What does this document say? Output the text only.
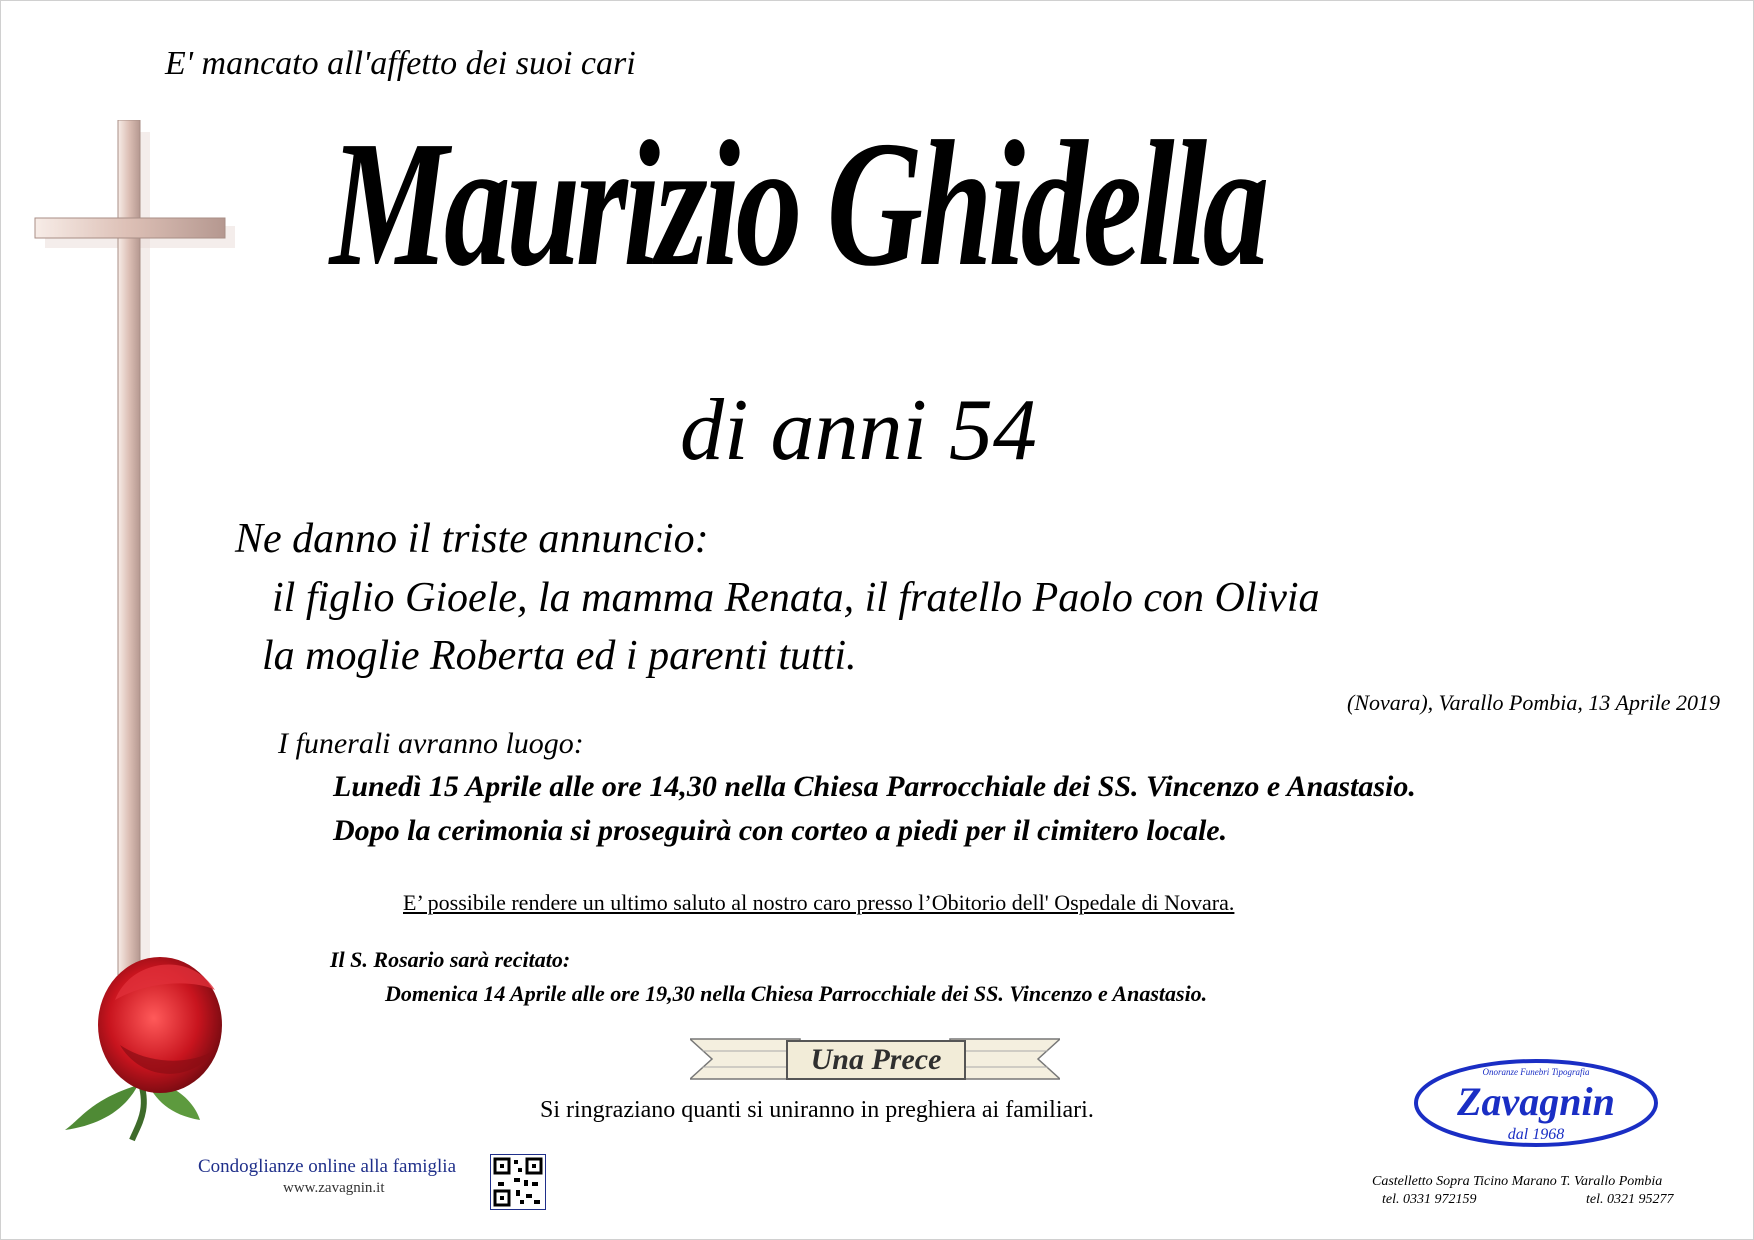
E' mancato all'affetto dei suoi cari
Maurizio Ghidella
di anni 54
Ne danno il triste annuncio:
il figlio Gioele, la mamma Renata, il fratello Paolo con Olivia
la moglie Roberta ed i parenti tutti.
(Novara), Varallo Pombia, 13 Aprile 2019
I funerali avranno luogo:
Lunedì 15 Aprile alle ore 14,30 nella Chiesa Parrocchiale dei SS. Vincenzo e Anastasio.
Dopo la cerimonia si proseguirà con corteo a piedi per il cimitero locale.
E’ possibile rendere un ultimo saluto al nostro caro presso l’Obitorio dell' Ospedale di Novara.
Il S. Rosario sarà recitato:
Domenica 14 Aprile alle ore 19,30 nella Chiesa Parrocchiale dei SS. Vincenzo e Anastasio.
Una Prece
Si ringraziano quanti si uniranno in preghiera ai familiari.
Condoglianze online alla famiglia
www.zavagnin.it
Onoranze Funebri Tipografia
Zavagnin
dal 1968
Castelletto Sopra Ticino Marano T. Varallo Pombia
tel. 0331 972159	tel. 0321 95277
